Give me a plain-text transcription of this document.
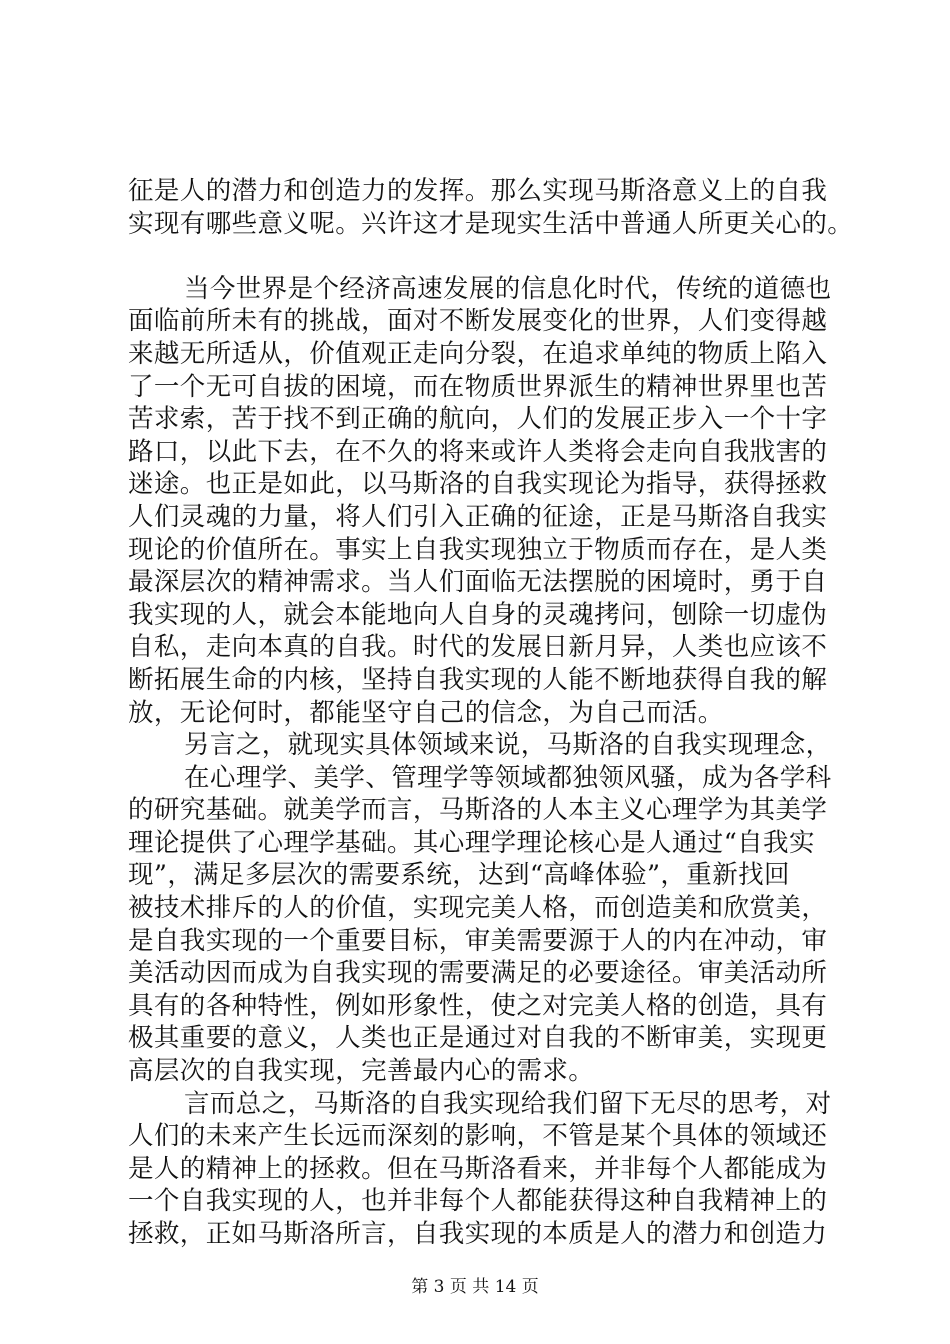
征是人的潜力和创造力的发挥。那么实现马斯洛意义上的自我
实现有哪些意义呢。兴许这才是现实生活中普通人所更关心的。
当今世界是个经济高速发展的信息化时代，传统的道德也
面临前所未有的挑战，面对不断发展变化的世界，人们变得越
来越无所适从，价值观正走向分裂，在追求单纯的物质上陷入
了一个无可自拔的困境，而在物质世界派生的精神世界里也苦
苦求索，苦于找不到正确的航向，人们的发展正步入一个十字
路口，以此下去，在不久的将来或许人类将会走向自我戕害的
迷途。也正是如此，以马斯洛的自我实现论为指导，获得拯救
人们灵魂的力量，将人们引入正确的征途，正是马斯洛自我实
现论的价值所在。事实上自我实现独立于物质而存在，是人类
最深层次的精神需求。当人们面临无法摆脱的困境时，勇于自
我实现的人，就会本能地向人自身的灵魂拷问，刨除一切虚伪
自私，走向本真的自我。时代的发展日新月异，人类也应该不
断拓展生命的内核，坚持自我实现的人能不断地获得自我的解
放，无论何时，都能坚守自己的信念，为自己而活。
另言之，就现实具体领域来说，马斯洛的自我实现理念，
在心理学、美学、管理学等领域都独领风骚，成为各学科
的研究基础。就美学而言，马斯洛的人本主义心理学为其美学
理论提供了心理学基础。其心理学理论核心是人通过“自我实
现”，满足多层次的需要系统，达到“高峰体验”，重新找回
被技术排斥的人的价值，实现完美人格，而创造美和欣赏美，
是自我实现的一个重要目标，审美需要源于人的内在冲动，审
美活动因而成为自我实现的需要满足的必要途径。审美活动所
具有的各种特性，例如形象性，使之对完美人格的创造，具有
极其重要的意义，人类也正是通过对自我的不断审美，实现更
高层次的自我实现，完善最内心的需求。
言而总之，马斯洛的自我实现给我们留下无尽的思考，对
人们的未来产生长远而深刻的影响，不管是某个具体的领域还
是人的精神上的拯救。但在马斯洛看来，并非每个人都能成为
一个自我实现的人，也并非每个人都能获得这种自我精神上的
拯救，正如马斯洛所言，自我实现的本质是人的潜力和创造力
第 3 页 共 14 页
